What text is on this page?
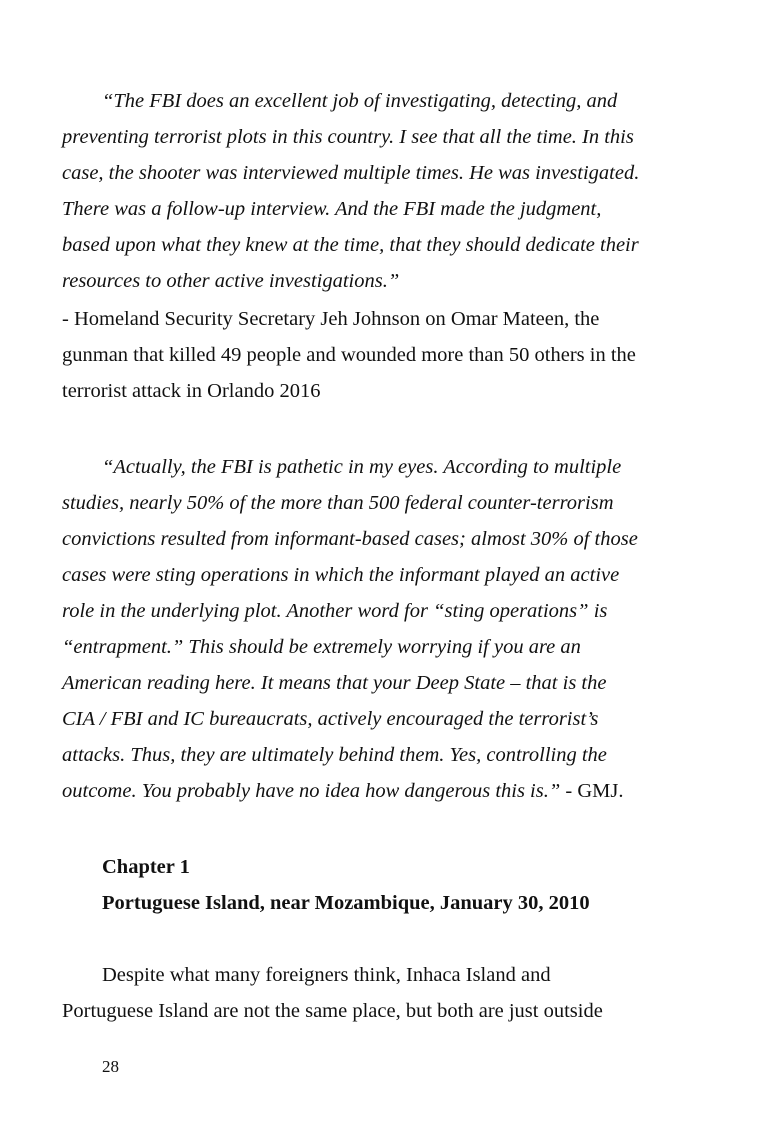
“The FBI does an excellent job of investigating, detecting, and
preventing terrorist plots in this country. I see that all the time. In this
case, the shooter was interviewed multiple times. He was investigated.
There was a follow-up interview. And the FBI made the judgment,
based upon what they knew at the time, that they should dedicate their
resources to other active investigations.”
- Homeland Security Secretary Jeh Johnson on Omar Mateen, the
gunman that killed 49 people and wounded more than 50 others in the
terrorist attack in Orlando 2016
“Actually, the FBI is pathetic in my eyes. According to multiple
studies, nearly 50% of the more than 500 federal counter-terrorism
convictions resulted from informant-based cases; almost 30% of those
cases were sting operations in which the informant played an active
role in the underlying plot. Another word for “sting operations” is
“entrapment.” This should be extremely worrying if you are an
American reading here. It means that your Deep State – that is the
CIA / FBI and IC bureaucrats, actively encouraged the terrorist’s
attacks. Thus, they are ultimately behind them. Yes, controlling the
outcome. You probably have no idea how dangerous this is.” - GMJ.
Chapter 1
Portuguese Island, near Mozambique, January 30, 2010
Despite what many foreigners think, Inhaca Island and
Portuguese Island are not the same place, but both are just outside
28
